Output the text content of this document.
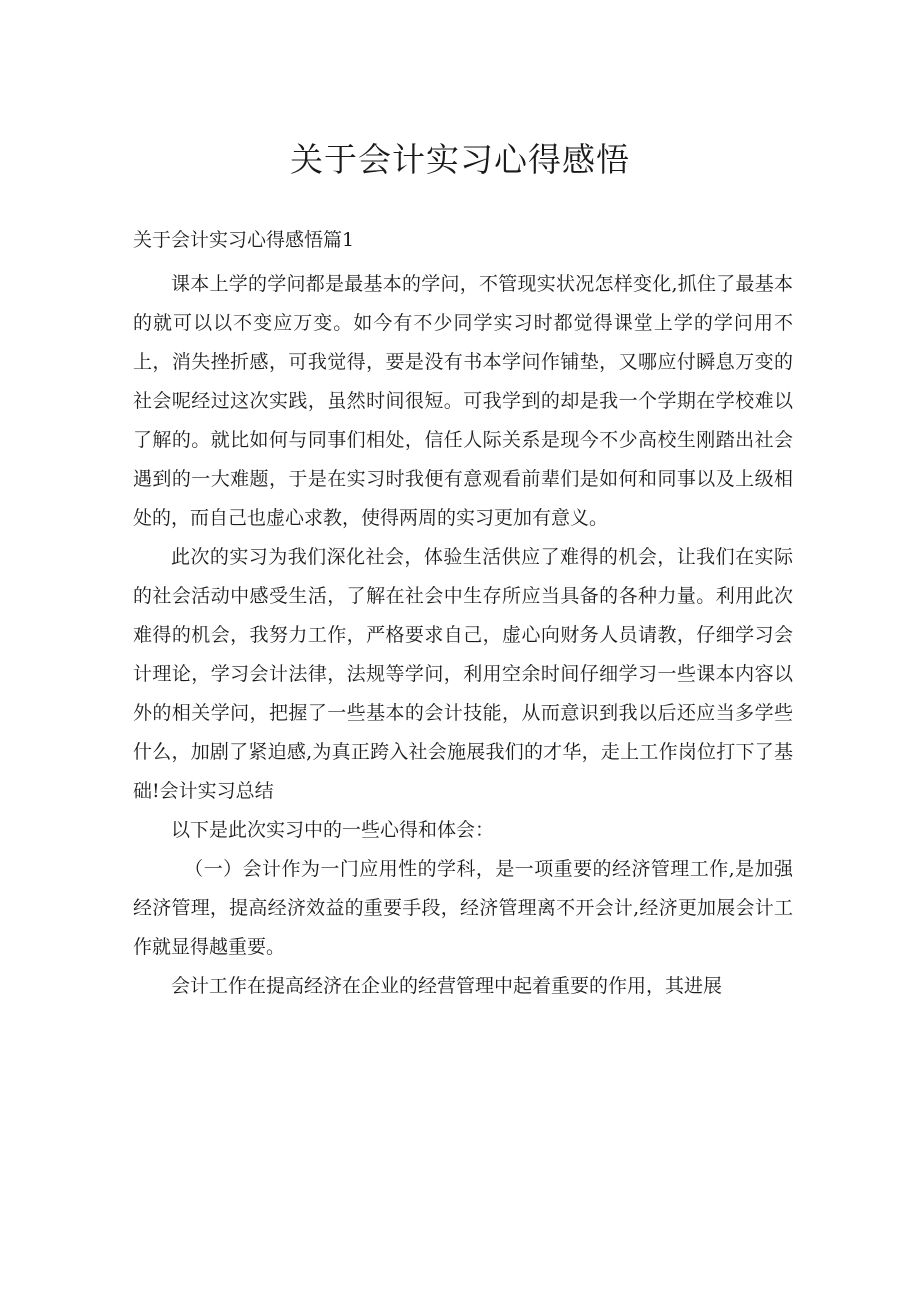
关于会计实习心得感悟

关于会计实习心得感悟篇1

课本上学的学问都是最基本的学问，不管现实状况怎样变化,抓住了最基本的就可以以不变应万变。如今有不少同学实习时都觉得课堂上学的学问用不上，消失挫折感，可我觉得，要是没有书本学问作铺垫，又哪应付瞬息万变的社会呢经过这次实践，虽然时间很短。可我学到的却是我一个学期在学校难以了解的。就比如何与同事们相处，信任人际关系是现今不少高校生刚踏出社会遇到的一大难题，于是在实习时我便有意观看前辈们是如何和同事以及上级相处的，而自己也虚心求教，使得两周的实习更加有意义。

此次的实习为我们深化社会，体验生活供应了难得的机会，让我们在实际的社会活动中感受生活，了解在社会中生存所应当具备的各种力量。利用此次难得的机会，我努力工作，严格要求自己，虚心向财务人员请教，仔细学习会计理论，学习会计法律，法规等学问，利用空余时间仔细学习一些课本内容以外的相关学问，把握了一些基本的会计技能，从而意识到我以后还应当多学些什么，加剧了紧迫感,为真正跨入社会施展我们的才华，走上工作岗位打下了基础!会计实习总结

以下是此次实习中的一些心得和体会：

（一）会计作为一门应用性的学科，是一项重要的经济管理工作,是加强经济管理，提高经济效益的重要手段，经济管理离不开会计,经济更加展会计工作就显得越重要。

会计工作在提高经济在企业的经营管理中起着重要的作用，其进展
